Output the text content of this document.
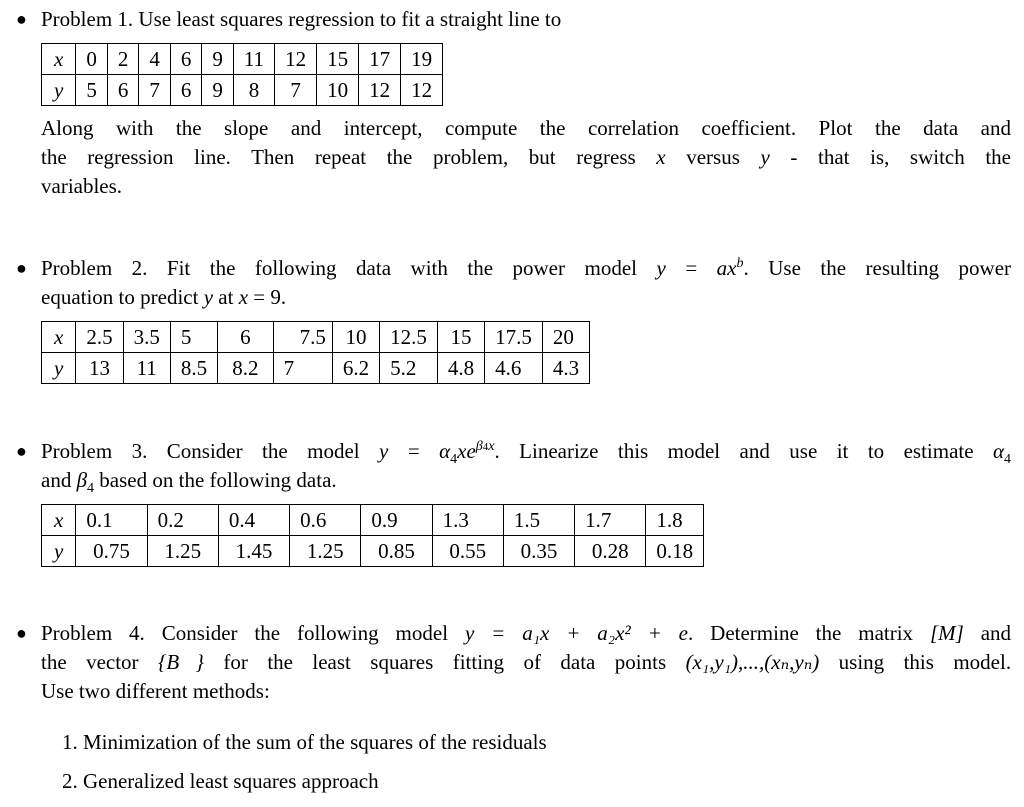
● Problem 1. Use least squares regression to fit a straight line to
x	0	2	4	6	9	11	12	15	17	19
y	5	6	7	6	9	8	7	10	12	12
Along with the slope and intercept, compute the correlation coefficient. Plot the data and
the regression line. Then repeat the problem, but regress x versus y - that is, switch the
variables.
● Problem 2. Fit the following data with the power model $y = ax^b$. Use the resulting power
equation to predict y at x = 9.
x	2.5	3.5	5	6	7.5	10	12.5	15	17.5	20
y	13	11	8.5	8.2	7	6.2	5.2	4.8	4.6	4.3
● Problem 3. Consider the model $y = \alpha_4xe^{\beta 4x}$. Linearize this model and use it to estimate $\alpha_4$
and $\beta_4$ based on the following data.
x	0.1	0.2	0.4	0.6	0.9	1.3	1.5	1.7	1.8
y	0.75	1.25	1.45	1.25	0.85	0.55	0.35	0.28	0.18
● Problem 4. Consider the following model y = a₁x + a₂x² + e. Determine the matrix [M] and
the vector {B⃗} for the least squares fitting of data points (x₁,y₁),...,(xₙ,yₙ) using this model.
Use two different methods:
1. Minimization of the sum of the squares of the residuals
2. Generalized least squares approach
